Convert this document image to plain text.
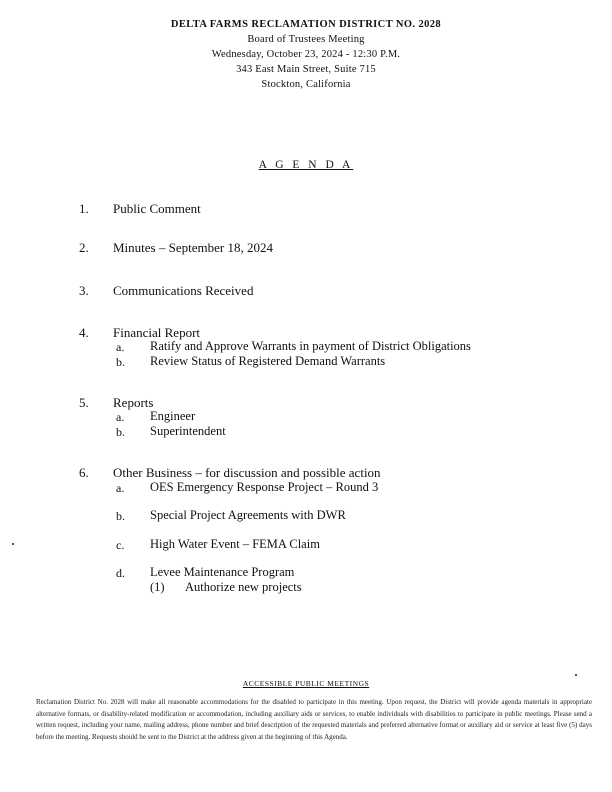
DELTA FARMS RECLAMATION DISTRICT NO. 2028
Board of Trustees Meeting
Wednesday, October 23, 2024 - 12:30 P.M.
343 East Main Street, Suite 715
Stockton, California
A G E N D A
1. Public Comment
2. Minutes – September 18, 2024
3. Communications Received
4. Financial Report
a. Ratify and Approve Warrants in payment of District Obligations
b. Review Status of Registered Demand Warrants
5. Reports
a. Engineer
b. Superintendent
6. Other Business – for discussion and possible action
a. OES Emergency Response Project – Round 3
b. Special Project Agreements with DWR
c. High Water Event – FEMA Claim
d. Levee Maintenance Program
(1) Authorize new projects
ACCESSIBLE PUBLIC MEETINGS
Reclamation District No. 2028 will make all reasonable accommodations for the disabled to participate in this meeting. Upon request, the District will provide agenda materials in appropriate alternative formats, or disability-related modification or accommodation, including auxiliary aids or services, to enable individuals with disabilities to participate in public meetings. Please send a written request, including your name, mailing address, phone number and brief description of the requested materials and preferred alternative format or auxiliary aid or service at least five (5) days before the meeting. Requests should be sent to the District at the address given at the beginning of this Agenda.
